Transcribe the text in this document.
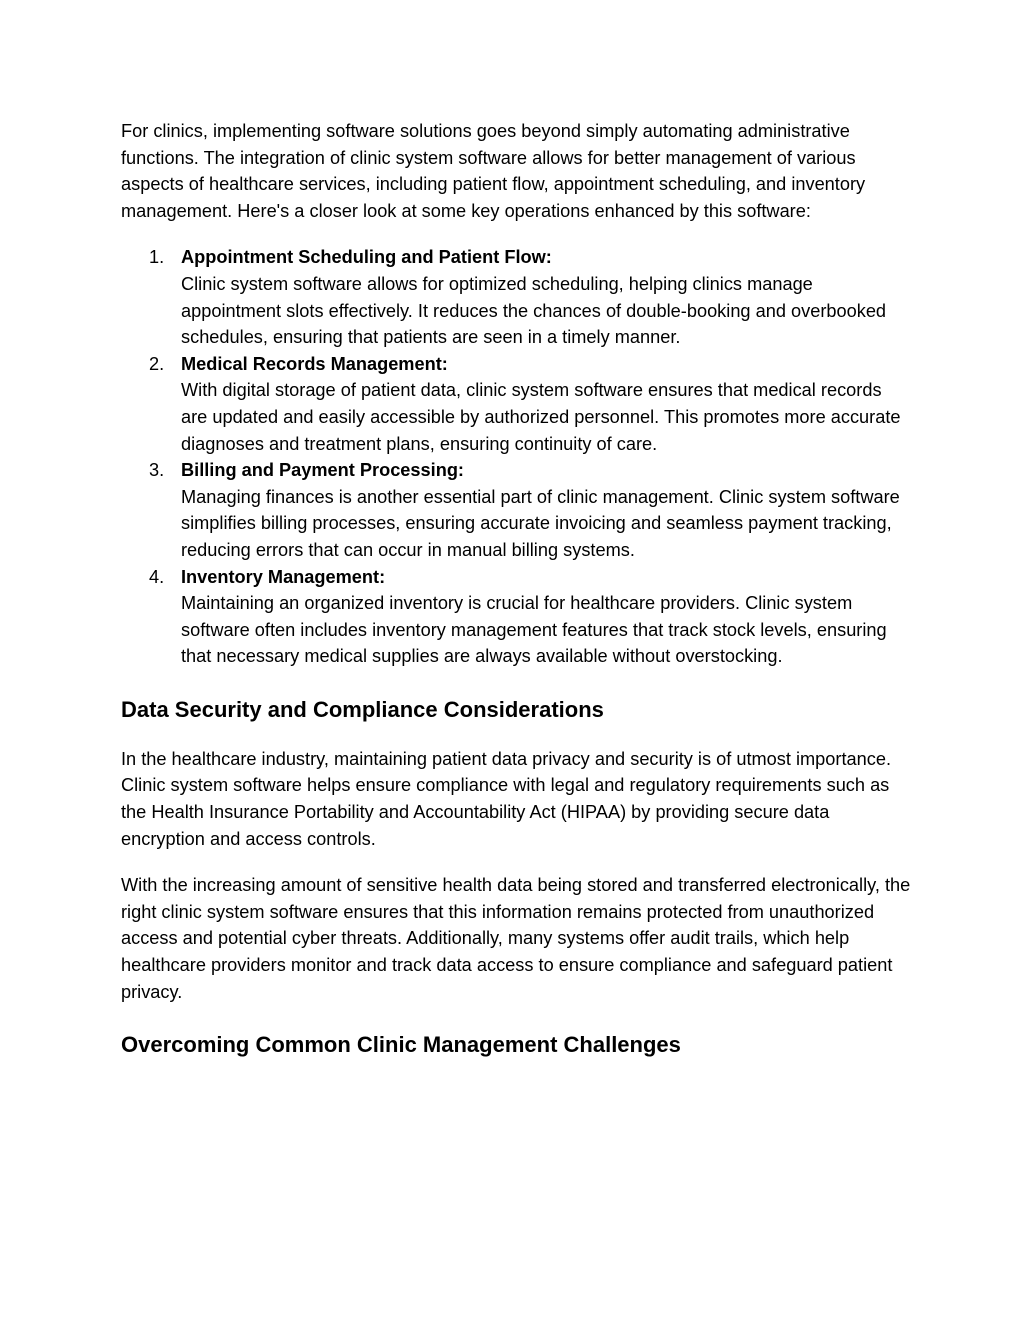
For clinics, implementing software solutions goes beyond simply automating administrative functions. The integration of clinic system software allows for better management of various aspects of healthcare services, including patient flow, appointment scheduling, and inventory management. Here's a closer look at some key operations enhanced by this software:

1. Appointment Scheduling and Patient Flow:
Clinic system software allows for optimized scheduling, helping clinics manage appointment slots effectively. It reduces the chances of double-booking and overbooked schedules, ensuring that patients are seen in a timely manner.
2. Medical Records Management:
With digital storage of patient data, clinic system software ensures that medical records are updated and easily accessible by authorized personnel. This promotes more accurate diagnoses and treatment plans, ensuring continuity of care.
3. Billing and Payment Processing:
Managing finances is another essential part of clinic management. Clinic system software simplifies billing processes, ensuring accurate invoicing and seamless payment tracking, reducing errors that can occur in manual billing systems.
4. Inventory Management:
Maintaining an organized inventory is crucial for healthcare providers. Clinic system software often includes inventory management features that track stock levels, ensuring that necessary medical supplies are always available without overstocking.
Data Security and Compliance Considerations

In the healthcare industry, maintaining patient data privacy and security is of utmost importance. Clinic system software helps ensure compliance with legal and regulatory requirements such as the Health Insurance Portability and Accountability Act (HIPAA) by providing secure data encryption and access controls.

With the increasing amount of sensitive health data being stored and transferred electronically, the right clinic system software ensures that this information remains protected from unauthorized access and potential cyber threats. Additionally, many systems offer audit trails, which help healthcare providers monitor and track data access to ensure compliance and safeguard patient privacy.

Overcoming Common Clinic Management Challenges
